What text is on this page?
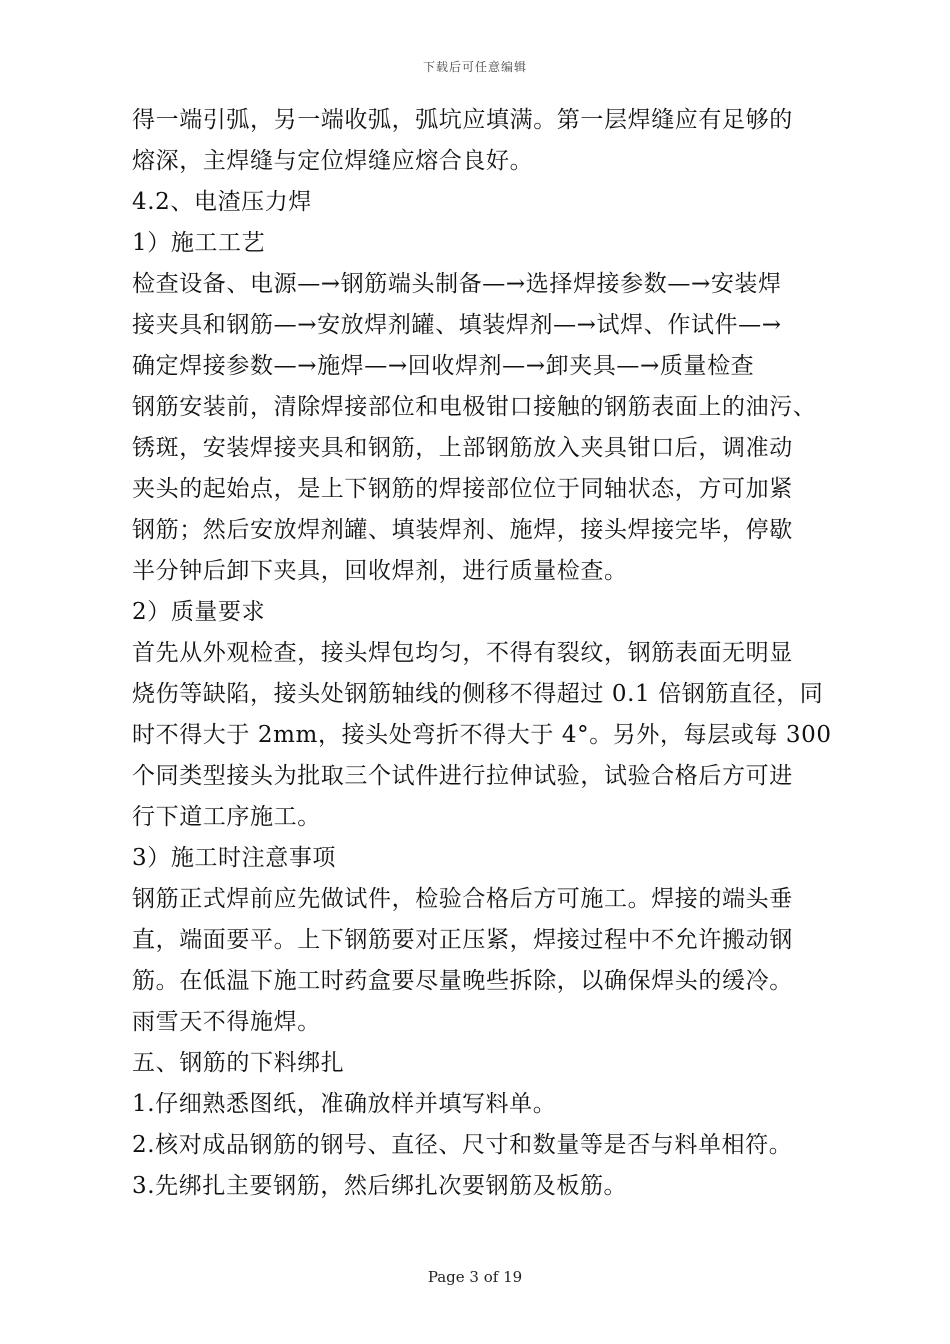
下载后可任意编辑
得一端引弧，另一端收弧，弧坑应填满。第一层焊缝应有足够的
熔深，主焊缝与定位焊缝应熔合良好。
4.2、电渣压力焊
1）施工工艺
检查设备、电源—→钢筋端头制备—→选择焊接参数—→安装焊
接夹具和钢筋—→安放焊剂罐、填装焊剂—→试焊、作试件—→
确定焊接参数—→施焊—→回收焊剂—→卸夹具—→质量检查
钢筋安装前，清除焊接部位和电极钳口接触的钢筋表面上的油污、
锈斑，安装焊接夹具和钢筋，上部钢筋放入夹具钳口后，调准动
夹头的起始点，是上下钢筋的焊接部位位于同轴状态，方可加紧
钢筋；然后安放焊剂罐、填装焊剂、施焊，接头焊接完毕，停歇
半分钟后卸下夹具，回收焊剂，进行质量检查。
2）质量要求
首先从外观检查，接头焊包均匀，不得有裂纹，钢筋表面无明显
烧伤等缺陷，接头处钢筋轴线的侧移不得超过 0.1 倍钢筋直径，同
时不得大于 2mm，接头处弯折不得大于 4°。另外，每层或每 300
个同类型接头为批取三个试件进行拉伸试验，试验合格后方可进
行下道工序施工。
3）施工时注意事项
钢筋正式焊前应先做试件，检验合格后方可施工。焊接的端头垂
直，端面要平。上下钢筋要对正压紧，焊接过程中不允许搬动钢
筋。在低温下施工时药盒要尽量晚些拆除，以确保焊头的缓冷。
雨雪天不得施焊。
五、钢筋的下料绑扎
1.仔细熟悉图纸，准确放样并填写料单。
2.核对成品钢筋的钢号、直径、尺寸和数量等是否与料单相符。
3.先绑扎主要钢筋，然后绑扎次要钢筋及板筋。
Page 3 of 19
